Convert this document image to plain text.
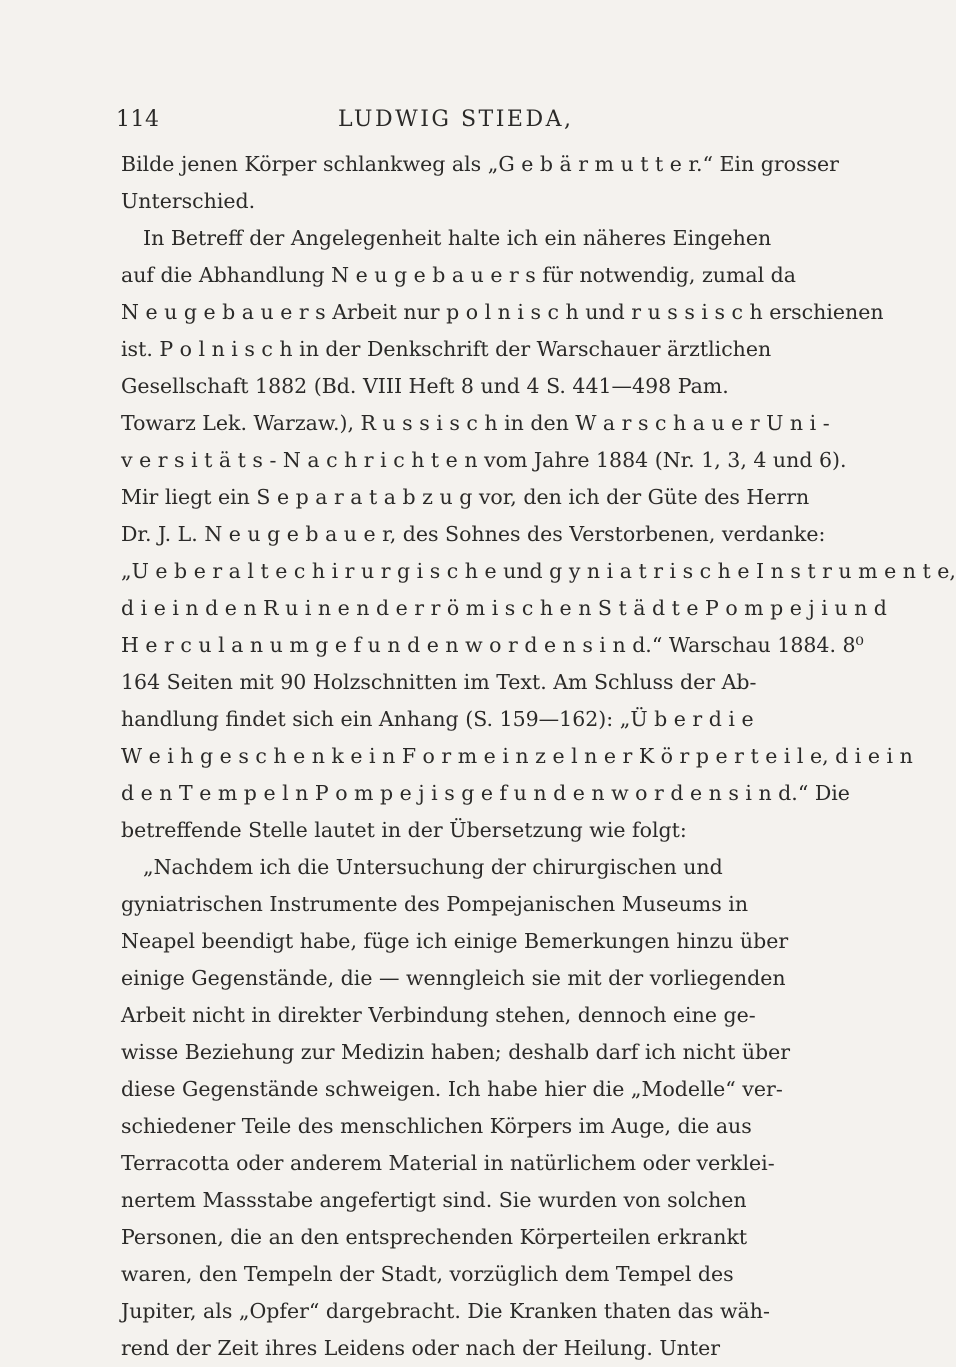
114	LUDWIG STIEDA,
Bilde jenen Körper schlankweg als „G e b ä r m u t t e r.“ Ein grosser
Unterschied.
In Betreff der Angelegenheit halte ich ein näheres Eingehen
auf die Abhandlung N e u g e b a u e r s für notwendig, zumal da
N e u g e b a u e r s Arbeit nur p o l n i s c h und r u s s i s c h erschienen
ist. P o l n i s c h in der Denkschrift der Warschauer ärztlichen
Gesellschaft 1882 (Bd. VIII Heft 8 und 4 S. 441—498 Pam.
Towarz Lek. Warzaw.), R u s s i s c h in den W a r s c h a u e r U n i -
v e r s i t ä t s - N a c h r i c h t e n vom Jahre 1884 (Nr. 1, 3, 4 und 6).
Mir liegt ein S e p a r a t a b z u g vor, den ich der Güte des Herrn
Dr. J. L. N e u g e b a u e r, des Sohnes des Verstorbenen, verdanke:
„U e b e r a l t e c h i r u r g i s c h e und g y n i a t r i s c h e I n s t r u m e n t e,
d i e i n d e n R u i n e n d e r r ö m i s c h e n S t ä d t e P o m p e j i u n d
H e r c u l a n u m g e f u n d e n w o r d e n s i n d.“ Warschau 1884. 8⁰
164 Seiten mit 90 Holzschnitten im Text. Am Schluss der Ab-
handlung findet sich ein Anhang (S. 159—162): „Ü b e r d i e
W e i h g e s c h e n k e i n F o r m e i n z e l n e r K ö r p e r t e i l e, d i e i n
d e n T e m p e l n P o m p e j i s g e f u n d e n w o r d e n s i n d.“ Die
betreffende Stelle lautet in der Übersetzung wie folgt:
„Nachdem ich die Untersuchung der chirurgischen und
gyniatrischen Instrumente des Pompejanischen Museums in
Neapel beendigt habe, füge ich einige Bemerkungen hinzu über
einige Gegenstände, die — wenngleich sie mit der vorliegenden
Arbeit nicht in direkter Verbindung stehen, dennoch eine ge-
wisse Beziehung zur Medizin haben; deshalb darf ich nicht über
diese Gegenstände schweigen. Ich habe hier die „Modelle“ ver-
schiedener Teile des menschlichen Körpers im Auge, die aus
Terracotta oder anderem Material in natürlichem oder verklei-
nertem Massstabe angefertigt sind. Sie wurden von solchen
Personen, die an den entsprechenden Körperteilen erkrankt
waren, den Tempeln der Stadt, vorzüglich dem Tempel des
Jupiter, als „Opfer“ dargebracht. Die Kranken thaten das wäh-
rend der Zeit ihres Leidens oder nach der Heilung. Unter
